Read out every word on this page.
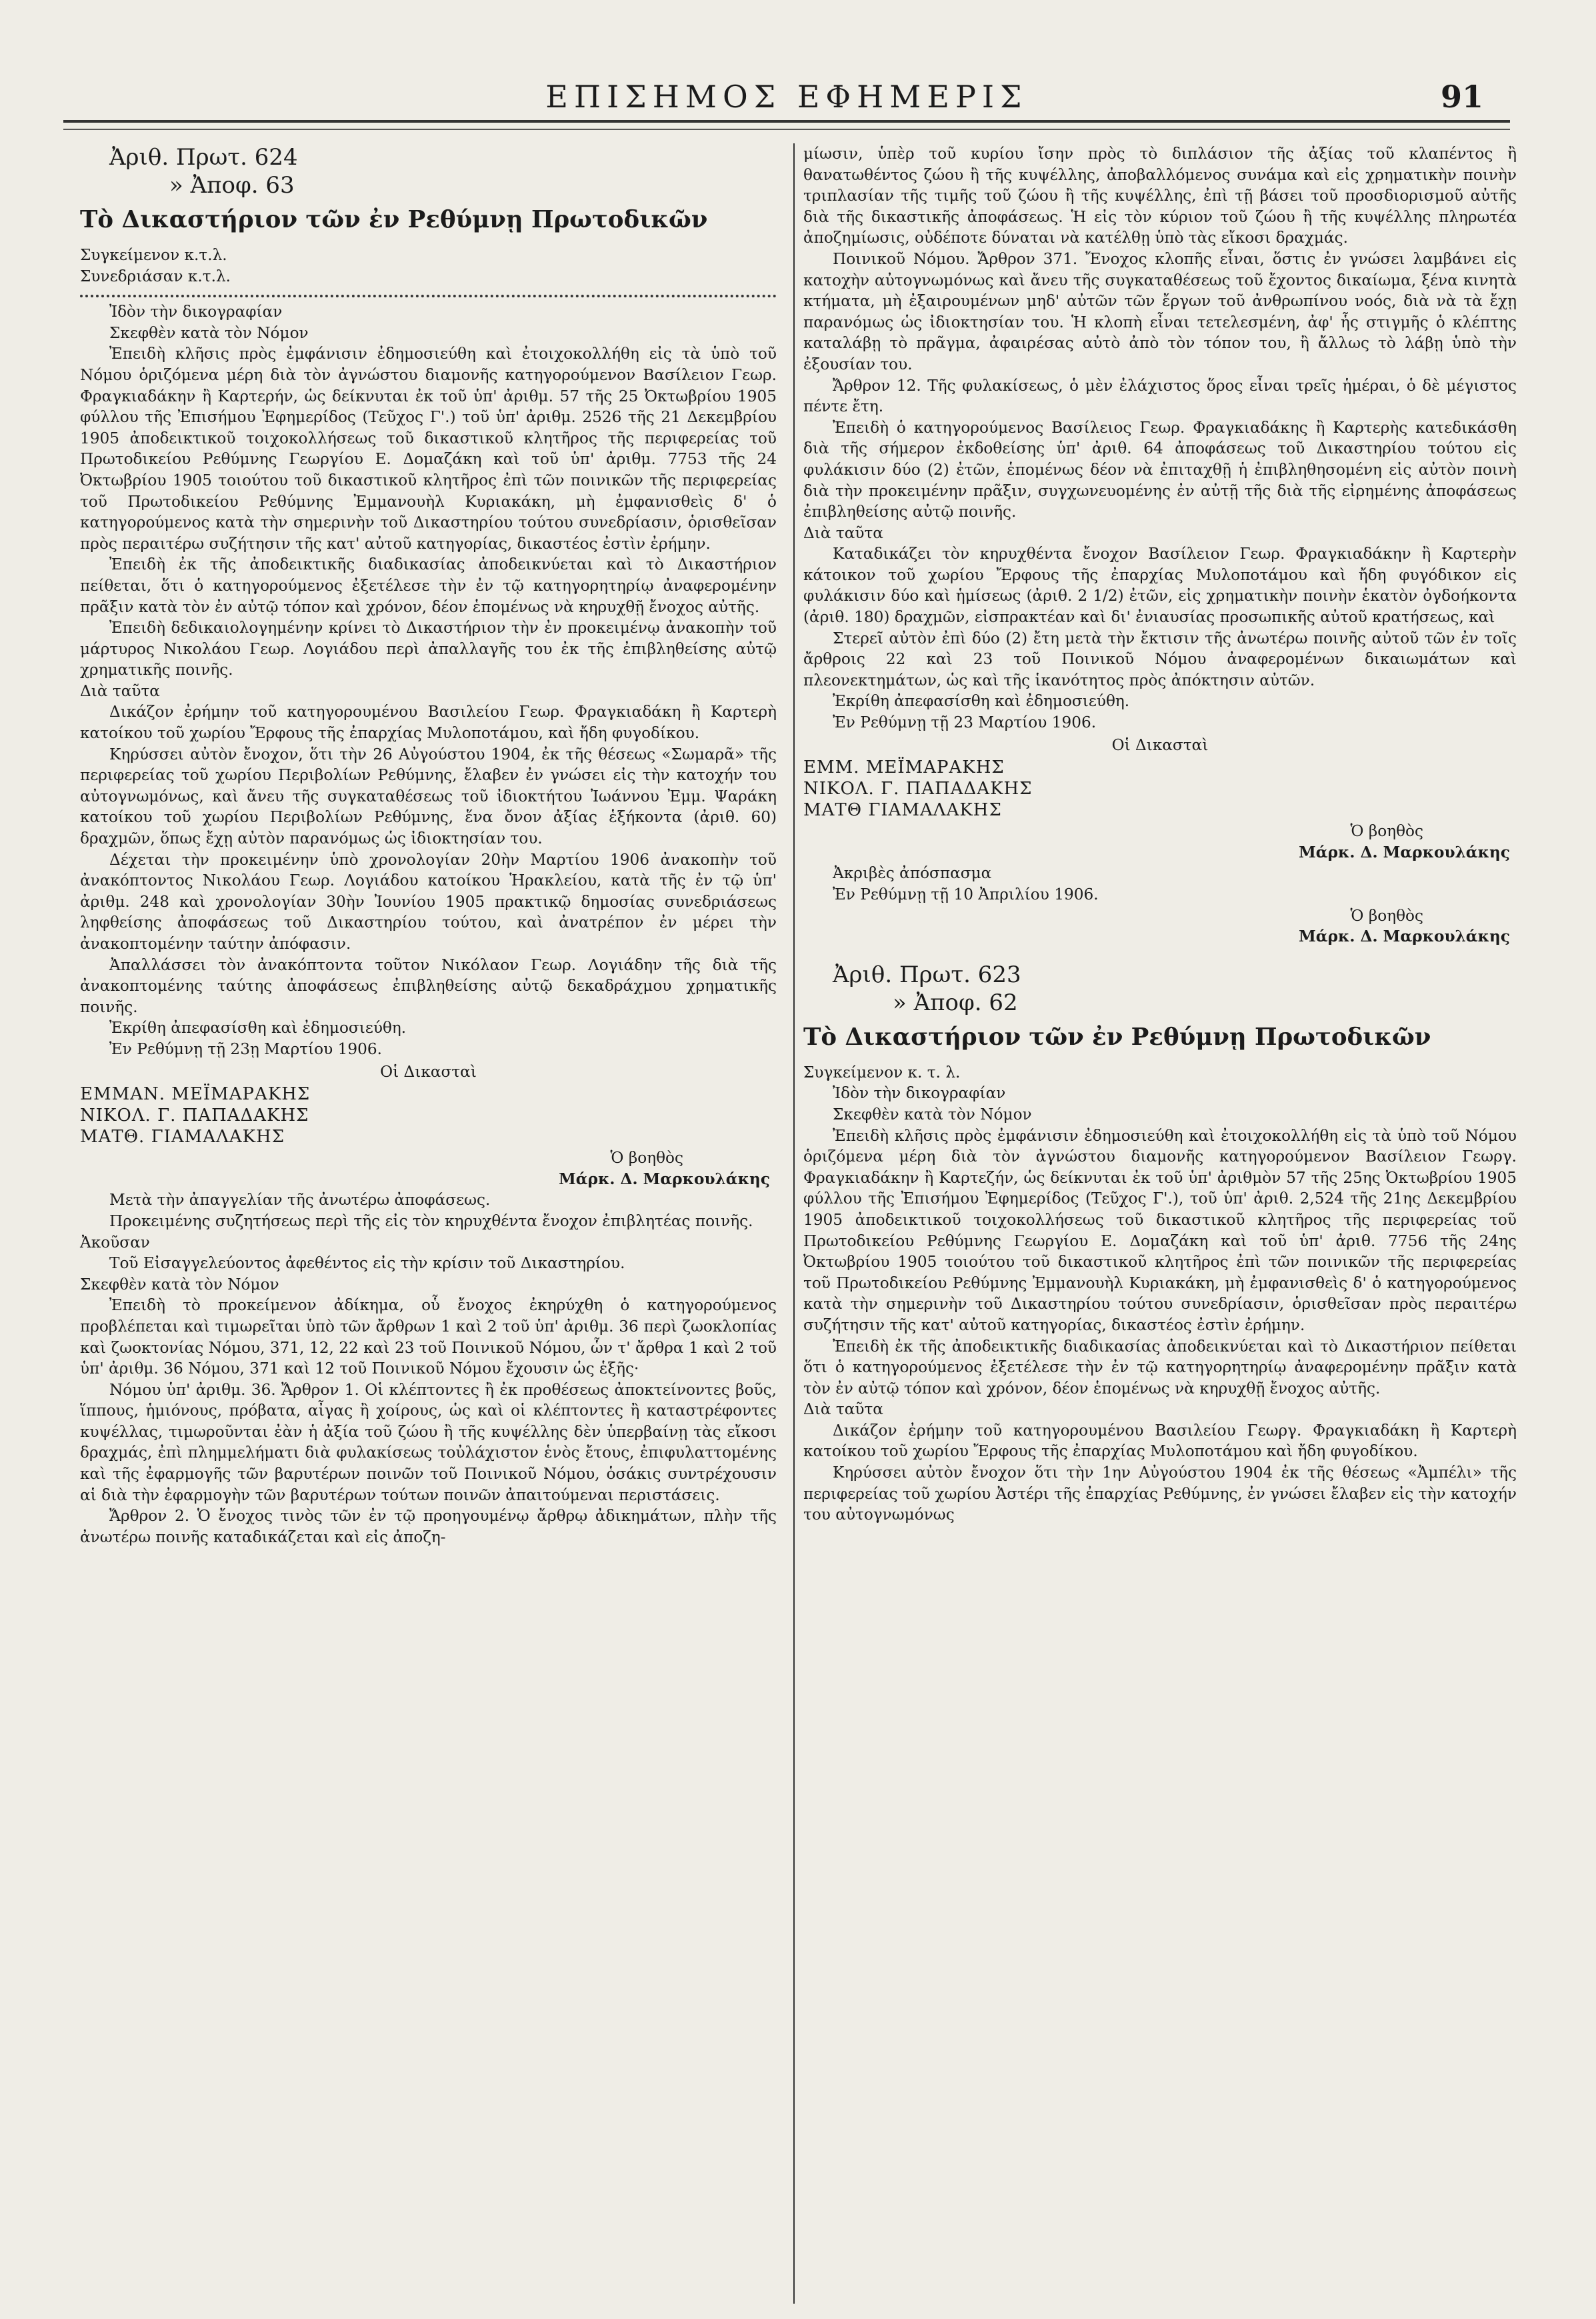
ΕΠΙΣΗΜΟΣ ΕΦΗΜΕΡΙΣ	91

Ἀριθ. Πρωτ. 624

» Ἀποφ. 63

Τὸ Δικαστήριον τῶν ἐν Ρεθύμνῃ Πρωτοδικῶν
Συγκείμενον κ.τ.λ.
Συνεδριάσαν κ.τ.λ.

Ἰδὸν τὴν δικογραφίαν

Σκεφθὲν κατὰ τὸν Νόμον

Ἐπειδὴ κλῆσις πρὸς ἐμφάνισιν ἐδημοσιεύθη καὶ ἐτοιχοκολλήθη εἰς τὰ ὑπὸ τοῦ Νόμου ὁριζόμενα μέρη διὰ τὸν ἀγνώστου διαμονῆς κατηγορούμενον Βασίλειον Γεωρ. Φραγκιαδάκην ἢ Καρτερήν, ὡς δείκνυται ἐκ τοῦ ὑπ' ἀριθμ. 57 τῆς 25 Ὀκτωβρίου 1905 φύλλου τῆς Ἐπισήμου Ἐφημερίδος (Τεῦχος Γ'.) τοῦ ὑπ' ἀριθμ. 2526 τῆς 21 Δεκεμβρίου 1905 ἀποδεικτικοῦ τοιχοκολλήσεως τοῦ δικαστικοῦ κλητῆρος τῆς περιφερείας τοῦ Πρωτοδικείου Ρεθύμνης Γεωργίου Ε. Δομαζάκη καὶ τοῦ ὑπ' ἀριθμ. 7753 τῆς 24 Ὀκτωβρίου 1905 τοιούτου τοῦ δικαστικοῦ κλητῆρος ἐπὶ τῶν ποινικῶν τῆς περιφερείας τοῦ Πρωτοδικείου Ρεθύμνης Ἐμμανουὴλ Κυριακάκη, μὴ ἐμφανισθεὶς δ' ὁ κατηγορούμενος κατὰ τὴν σημερινὴν τοῦ Δικαστηρίου τούτου συνεδρίασιν, ὁρισθεῖσαν πρὸς περαιτέρω συζήτησιν τῆς κατ' αὐτοῦ κατηγορίας, δικαστέος ἐστὶν ἐρήμην.

Ἐπειδὴ ἐκ τῆς ἀποδεικτικῆς διαδικασίας ἀποδεικνύεται καὶ τὸ Δικαστήριον πείθεται, ὅτι ὁ κατηγορούμενος ἐξετέλεσε τὴν ἐν τῷ κατηγορητηρίῳ ἀναφερομένην πρᾶξιν κατὰ τὸν ἐν αὐτῷ τόπον καὶ χρόνον, δέον ἑπομένως νὰ κηρυχθῇ ἔνοχος αὐτῆς.

Ἐπειδὴ δεδικαιολογημένην κρίνει τὸ Δικαστήριον τὴν ἐν προκειμένῳ ἀνακοπὴν τοῦ μάρτυρος Νικολάου Γεωρ. Λογιάδου περὶ ἀπαλλαγῆς του ἐκ τῆς ἐπιβληθείσης αὐτῷ χρηματικῆς ποινῆς.

Διὰ ταῦτα

Δικάζον ἐρήμην τοῦ κατηγορουμένου Βασιλείου Γεωρ. Φραγκιαδάκη ἢ Καρτερὴ κατοίκου τοῦ χωρίου Ἔρφους τῆς ἐπαρχίας Μυλοποτάμου, καὶ ἤδη φυγοδίκου.

Κηρύσσει αὐτὸν ἔνοχον, ὅτι τὴν 26 Αὐγούστου 1904, ἐκ τῆς θέσεως «Σωμαρᾶ» τῆς περιφερείας τοῦ χωρίου Περιβολίων Ρεθύμνης, ἔλαβεν ἐν γνώσει εἰς τὴν κατοχήν του αὐτογνωμόνως, καὶ ἄνευ τῆς συγκαταθέσεως τοῦ ἰδιοκτήτου Ἰωάννου Ἐμμ. Ψαράκη κατοίκου τοῦ χωρίου Περιβολίων Ρεθύμνης, ἕνα ὄνον ἀξίας ἑξήκοντα (ἀριθ. 60) δραχμῶν, ὅπως ἔχῃ αὐτὸν παρανόμως ὡς ἰδιοκτησίαν του.

Δέχεται τὴν προκειμένην ὑπὸ χρονολογίαν 20ὴν Μαρτίου 1906 ἀνακοπὴν τοῦ ἀνακόπτοντος Νικολάου Γεωρ. Λογιάδου κατοίκου Ἡρακλείου, κατὰ τῆς ἐν τῷ ὑπ' ἀριθμ. 248 καὶ χρονολογίαν 30ὴν Ἰουνίου 1905 πρακτικῷ δημοσίας συνεδριάσεως ληφθείσης ἀποφάσεως τοῦ Δικαστηρίου τούτου, καὶ ἀνατρέπον ἐν μέρει τὴν ἀνακοπτομένην ταύτην ἀπόφασιν.

Ἀπαλλάσσει τὸν ἀνακόπτοντα τοῦτον Νικόλαον Γεωρ. Λογιάδην τῆς διὰ τῆς ἀνακοπτομένης ταύτης ἀποφάσεως ἐπιβληθείσης αὐτῷ δεκαδράχμου χρηματικῆς ποινῆς.

Ἐκρίθη ἀπεφασίσθη καὶ ἐδημοσιεύθη.

Ἐν Ρεθύμνῃ τῇ 23ῃ Μαρτίου 1906.

Οἱ Δικασταὶ
ΕΜΜΑΝ. ΜΕΪΜΑΡΑΚΗΣ
ΝΙΚΟΛ. Γ. ΠΑΠΑΔΑΚΗΣ
ΜΑΤΘ. ΓΙΑΜΑΛΑΚΗΣ
Ὁ βοηθὸς
Μάρκ. Δ. Μαρκουλάκης

Μετὰ τὴν ἀπαγγελίαν τῆς ἀνωτέρω ἀποφάσεως.

Προκειμένης συζητήσεως περὶ τῆς εἰς τὸν κηρυχθέντα ἔνοχον ἐπιβλητέας ποινῆς.

Ἀκοῦσαν

Τοῦ Εἰσαγγελεύοντος ἀφεθέντος εἰς τὴν κρίσιν τοῦ Δικαστηρίου.

Σκεφθὲν κατὰ τὸν Νόμον

Ἐπειδὴ τὸ προκείμενον ἀδίκημα, οὗ ἔνοχος ἐκηρύχθη ὁ κατηγορούμενος προβλέπεται καὶ τιμωρεῖται ὑπὸ τῶν ἄρθρων 1 καὶ 2 τοῦ ὑπ' ἀριθμ. 36 περὶ ζωοκλοπίας καὶ ζωοκτονίας Νόμου, 371, 12, 22 καὶ 23 τοῦ Ποινικοῦ Νόμου, ὧν τ' ἄρθρα 1 καὶ 2 τοῦ ὑπ' ἀριθμ. 36 Νόμου, 371 καὶ 12 τοῦ Ποινικοῦ Νόμου ἔχουσιν ὡς ἑξῆς·

Νόμου ὑπ' ἀριθμ. 36. Ἄρθρον 1. Οἱ κλέπτοντες ἢ ἐκ προθέσεως ἀποκτείνοντες βοῦς, ἵππους, ἡμιόνους, πρόβατα, αἶγας ἢ χοίρους, ὡς καὶ οἱ κλέπτοντες ἢ καταστρέφοντες κυψέλλας, τιμωροῦνται ἐὰν ἡ ἀξία τοῦ ζώου ἢ τῆς κυψέλλης δὲν ὑπερβαίνῃ τὰς εἴκοσι δραχμάς, ἐπὶ πλημμελήματι διὰ φυλακίσεως τοὐλάχιστον ἑνὸς ἔτους, ἐπιφυλαττομένης καὶ τῆς ἐφαρμογῆς τῶν βαρυτέρων ποινῶν τοῦ Ποινικοῦ Νόμου, ὁσάκις συντρέχουσιν αἱ διὰ τὴν ἐφαρμογὴν τῶν βαρυτέρων τούτων ποινῶν ἀπαιτούμεναι περιστάσεις.

Ἄρθρον 2. Ὁ ἔνοχος τινὸς τῶν ἐν τῷ προηγουμένῳ ἄρθρῳ ἀδικημάτων, πλὴν τῆς ἀνωτέρω ποινῆς καταδικάζεται καὶ εἰς ἀποζη-

μίωσιν, ὑπὲρ τοῦ κυρίου ἴσην πρὸς τὸ διπλάσιον τῆς ἀξίας τοῦ κλαπέντος ἢ θανατωθέντος ζώου ἢ τῆς κυψέλλης, ἀποβαλλόμενος συνάμα καὶ εἰς χρηματικὴν ποινὴν τριπλασίαν τῆς τιμῆς τοῦ ζώου ἢ τῆς κυψέλλης, ἐπὶ τῇ βάσει τοῦ προσδιορισμοῦ αὐτῆς διὰ τῆς δικαστικῆς ἀποφάσεως. Ἡ εἰς τὸν κύριον τοῦ ζώου ἢ τῆς κυψέλλης πληρωτέα ἀποζημίωσις, οὐδέποτε δύναται νὰ κατέλθῃ ὑπὸ τὰς εἴκοσι δραχμάς.

Ποινικοῦ Νόμου. Ἄρθρον 371. Ἔνοχος κλοπῆς εἶναι, ὅστις ἐν γνώσει λαμβάνει εἰς κατοχὴν αὐτογνωμόνως καὶ ἄνευ τῆς συγκαταθέσεως τοῦ ἔχοντος δικαίωμα, ξένα κινητὰ κτήματα, μὴ ἐξαιρουμένων μηδ' αὐτῶν τῶν ἔργων τοῦ ἀνθρωπίνου νοός, διὰ νὰ τὰ ἔχῃ παρανόμως ὡς ἰδιοκτησίαν του. Ἡ κλοπὴ εἶναι τετελεσμένη, ἀφ' ἧς στιγμῆς ὁ κλέπτης καταλάβῃ τὸ πρᾶγμα, ἀφαιρέσας αὐτὸ ἀπὸ τὸν τόπον του, ἢ ἄλλως τὸ λάβῃ ὑπὸ τὴν ἐξουσίαν του.

Ἄρθρον 12. Τῆς φυλακίσεως, ὁ μὲν ἐλάχιστος ὅρος εἶναι τρεῖς ἡμέραι, ὁ δὲ μέγιστος πέντε ἔτη.

Ἐπειδὴ ὁ κατηγορούμενος Βασίλειος Γεωρ. Φραγκιαδάκης ἢ Καρτερὴς κατεδικάσθη διὰ τῆς σήμερον ἐκδοθείσης ὑπ' ἀριθ. 64 ἀποφάσεως τοῦ Δικαστηρίου τούτου εἰς φυλάκισιν δύο (2) ἐτῶν, ἑπομένως δέον νὰ ἐπιταχθῇ ἡ ἐπιβληθησομένη εἰς αὐτὸν ποινὴ διὰ τὴν προκειμένην πρᾶξιν, συγχωνευομένης ἐν αὐτῇ τῆς διὰ τῆς εἰρημένης ἀποφάσεως ἐπιβληθείσης αὐτῷ ποινῆς.

Διὰ ταῦτα

Καταδικάζει τὸν κηρυχθέντα ἔνοχον Βασίλειον Γεωρ. Φραγκιαδάκην ἢ Καρτερὴν κάτοικον τοῦ χωρίου Ἔρφους τῆς ἐπαρχίας Μυλοποτάμου καὶ ἤδη φυγόδικον εἰς φυλάκισιν δύο καὶ ἡμίσεως (ἀριθ. 2 1/2) ἐτῶν, εἰς χρηματικὴν ποινὴν ἑκατὸν ὀγδοήκοντα (ἀριθ. 180) δραχμῶν, εἰσπρακτέαν καὶ δι' ἐνιαυσίας προσωπικῆς αὐτοῦ κρατήσεως, καὶ

Στερεῖ αὐτὸν ἐπὶ δύο (2) ἔτη μετὰ τὴν ἔκτισιν τῆς ἀνωτέρω ποινῆς αὐτοῦ τῶν ἐν τοῖς ἄρθροις 22 καὶ 23 τοῦ Ποινικοῦ Νόμου ἀναφερομένων δικαιωμάτων καὶ πλεονεκτημάτων, ὡς καὶ τῆς ἱκανότητος πρὸς ἀπόκτησιν αὐτῶν.

Ἐκρίθη ἀπεφασίσθη καὶ ἐδημοσιεύθη.

Ἐν Ρεθύμνῃ τῇ 23 Μαρτίου 1906.

Οἱ Δικασταὶ
ΕΜΜ. ΜΕΪΜΑΡΑΚΗΣ
ΝΙΚΟΛ. Γ. ΠΑΠΑΔΑΚΗΣ
ΜΑΤΘ ΓΙΑΜΑΛΑΚΗΣ
Ὁ βοηθὸς
Μάρκ. Δ. Μαρκουλάκης

Ἀκριβὲς ἀπόσπασμα

Ἐν Ρεθύμνῃ τῇ 10 Ἀπριλίου 1906.

Ὁ βοηθὸς
Μάρκ. Δ. Μαρκουλάκης

Ἀριθ. Πρωτ. 623

» Ἀποφ. 62

Τὸ Δικαστήριον τῶν ἐν Ρεθύμνῃ Πρωτοδικῶν
Συγκείμενον κ. τ. λ.

Ἰδὸν τὴν δικογραφίαν

Σκεφθὲν κατὰ τὸν Νόμον

Ἐπειδὴ κλῆσις πρὸς ἐμφάνισιν ἐδημοσιεύθη καὶ ἐτοιχοκολλήθη εἰς τὰ ὑπὸ τοῦ Νόμου ὁριζόμενα μέρη διὰ τὸν ἀγνώστου διαμονῆς κατηγορούμενον Βασίλειον Γεωργ. Φραγκιαδάκην ἢ Καρτεζήν, ὡς δείκνυται ἐκ τοῦ ὑπ' ἀριθμὸν 57 τῆς 25ης Ὀκτωβρίου 1905 φύλλου τῆς Ἐπισήμου Ἐφημερίδος (Τεῦχος Γ'.), τοῦ ὑπ' ἀριθ. 2,524 τῆς 21ης Δεκεμβρίου 1905 ἀποδεικτικοῦ τοιχοκολλήσεως τοῦ δικαστικοῦ κλητῆρος τῆς περιφερείας τοῦ Πρωτοδικείου Ρεθύμνης Γεωργίου Ε. Δομαζάκη καὶ τοῦ ὑπ' ἀριθ. 7756 τῆς 24ης Ὀκτωβρίου 1905 τοιούτου τοῦ δικαστικοῦ κλητῆρος ἐπὶ τῶν ποινικῶν τῆς περιφερείας τοῦ Πρωτοδικείου Ρεθύμνης Ἐμμανουὴλ Κυριακάκη, μὴ ἐμφανισθεὶς δ' ὁ κατηγορούμενος κατὰ τὴν σημερινὴν τοῦ Δικαστηρίου τούτου συνεδρίασιν, ὁρισθεῖσαν πρὸς περαιτέρω συζήτησιν τῆς κατ' αὐτοῦ κατηγορίας, δικαστέος ἐστὶν ἐρήμην.

Ἐπειδὴ ἐκ τῆς ἀποδεικτικῆς διαδικασίας ἀποδεικνύεται καὶ τὸ Δικαστήριον πείθεται ὅτι ὁ κατηγορούμενος ἐξετέλεσε τὴν ἐν τῷ κατηγορητηρίῳ ἀναφερομένην πρᾶξιν κατὰ τὸν ἐν αὐτῷ τόπον καὶ χρόνον, δέον ἑπομένως νὰ κηρυχθῇ ἔνοχος αὐτῆς.

Διὰ ταῦτα

Δικάζον ἐρήμην τοῦ κατηγορουμένου Βασιλείου Γεωργ. Φραγκιαδάκη ἢ Καρτερὴ κατοίκου τοῦ χωρίου Ἔρφους τῆς ἐπαρχίας Μυλοποτάμου καὶ ἤδη φυγοδίκου.

Κηρύσσει αὐτὸν ἔνοχον ὅτι τὴν 1ην Αὐγούστου 1904 ἐκ τῆς θέσεως «Ἀμπέλι» τῆς περιφερείας τοῦ χωρίου Ἀστέρι τῆς ἐπαρχίας Ρεθύμνης, ἐν γνώσει ἔλαβεν εἰς τὴν κατοχήν του αὐτογνωμόνως
